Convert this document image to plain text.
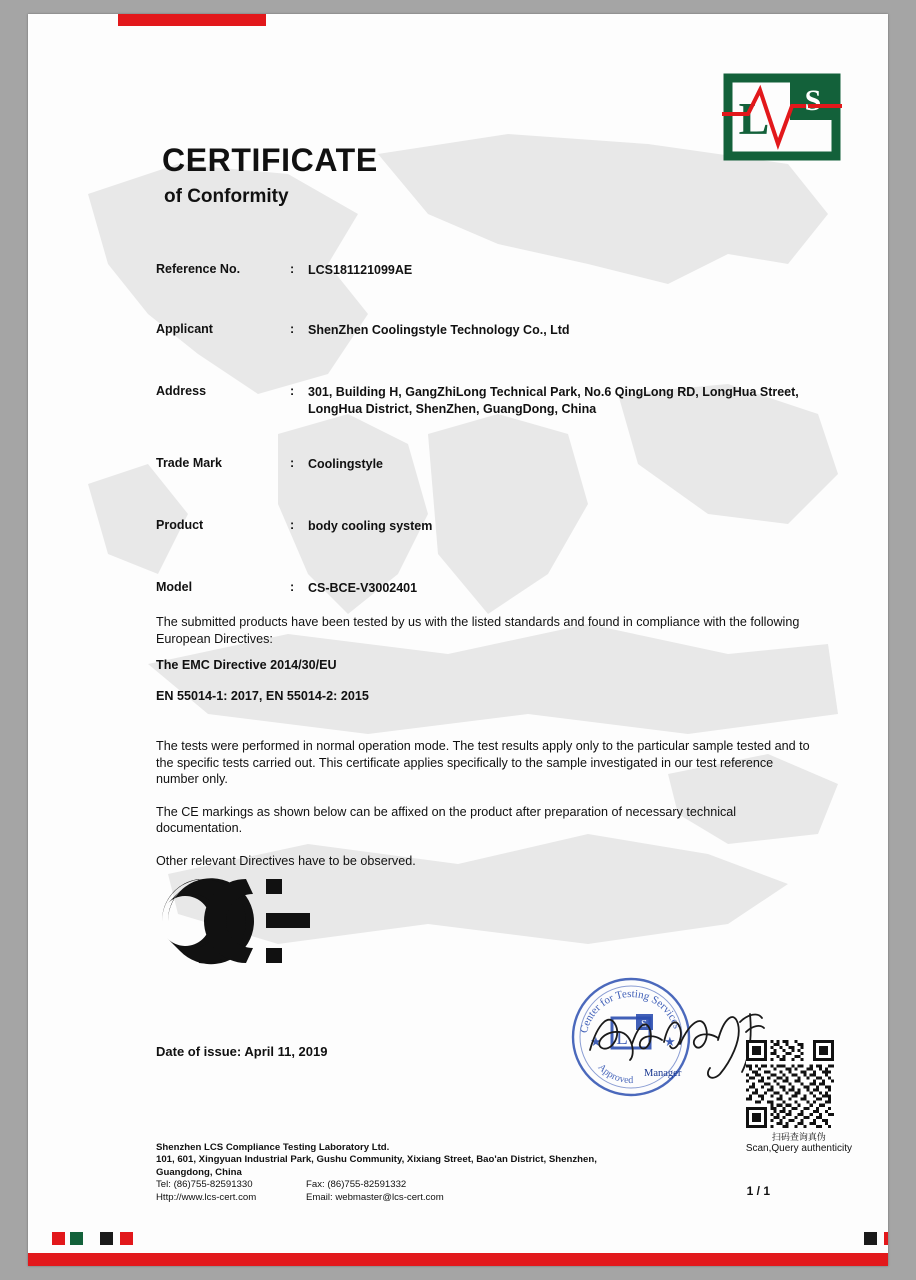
S
L
CERTIFICATE
of Conformity
Reference No.	: LCS181121099AE
Applicant	: ShenZhen Coolingstyle Technology Co., Ltd
Address	: 301, Building H, GangZhiLong Technical Park, No.6 QingLong RD, LongHua Street, LongHua District, ShenZhen, GuangDong, China
Trade Mark	: Coolingstyle
Product	: body cooling system
Model	: CS-BCE-V3002401
The submitted products have been tested by us with the listed standards and found in compliance with the following European Directives:
The EMC Directive 2014/30/EU
EN 55014-1: 2017, EN 55014-2: 2015
The tests were performed in normal operation mode. The test results apply only to the particular sample tested and to the specific tests carried out. This certificate applies specifically to the sample investigated in our test reference number only.
The CE markings as shown below can be affixed on the product after preparation of necessary technical documentation.
Other relevant Directives have to be observed.
Date of issue: April 11, 2019
Center for Testing Services
Approved
★	★
S
L
Manager
扫码查询真伪
Scan,Query authenticity
Shenzhen LCS Compliance Testing Laboratory Ltd.
101, 601, Xingyuan Industrial Park, Gushu Community, Xixiang Street, Bao'an District, Shenzhen,
Guangdong, China
Tel: (86)755-82591330	Fax: (86)755-82591332
Http://www.lcs-cert.com	Email: webmaster@lcs-cert.com	1 / 1
